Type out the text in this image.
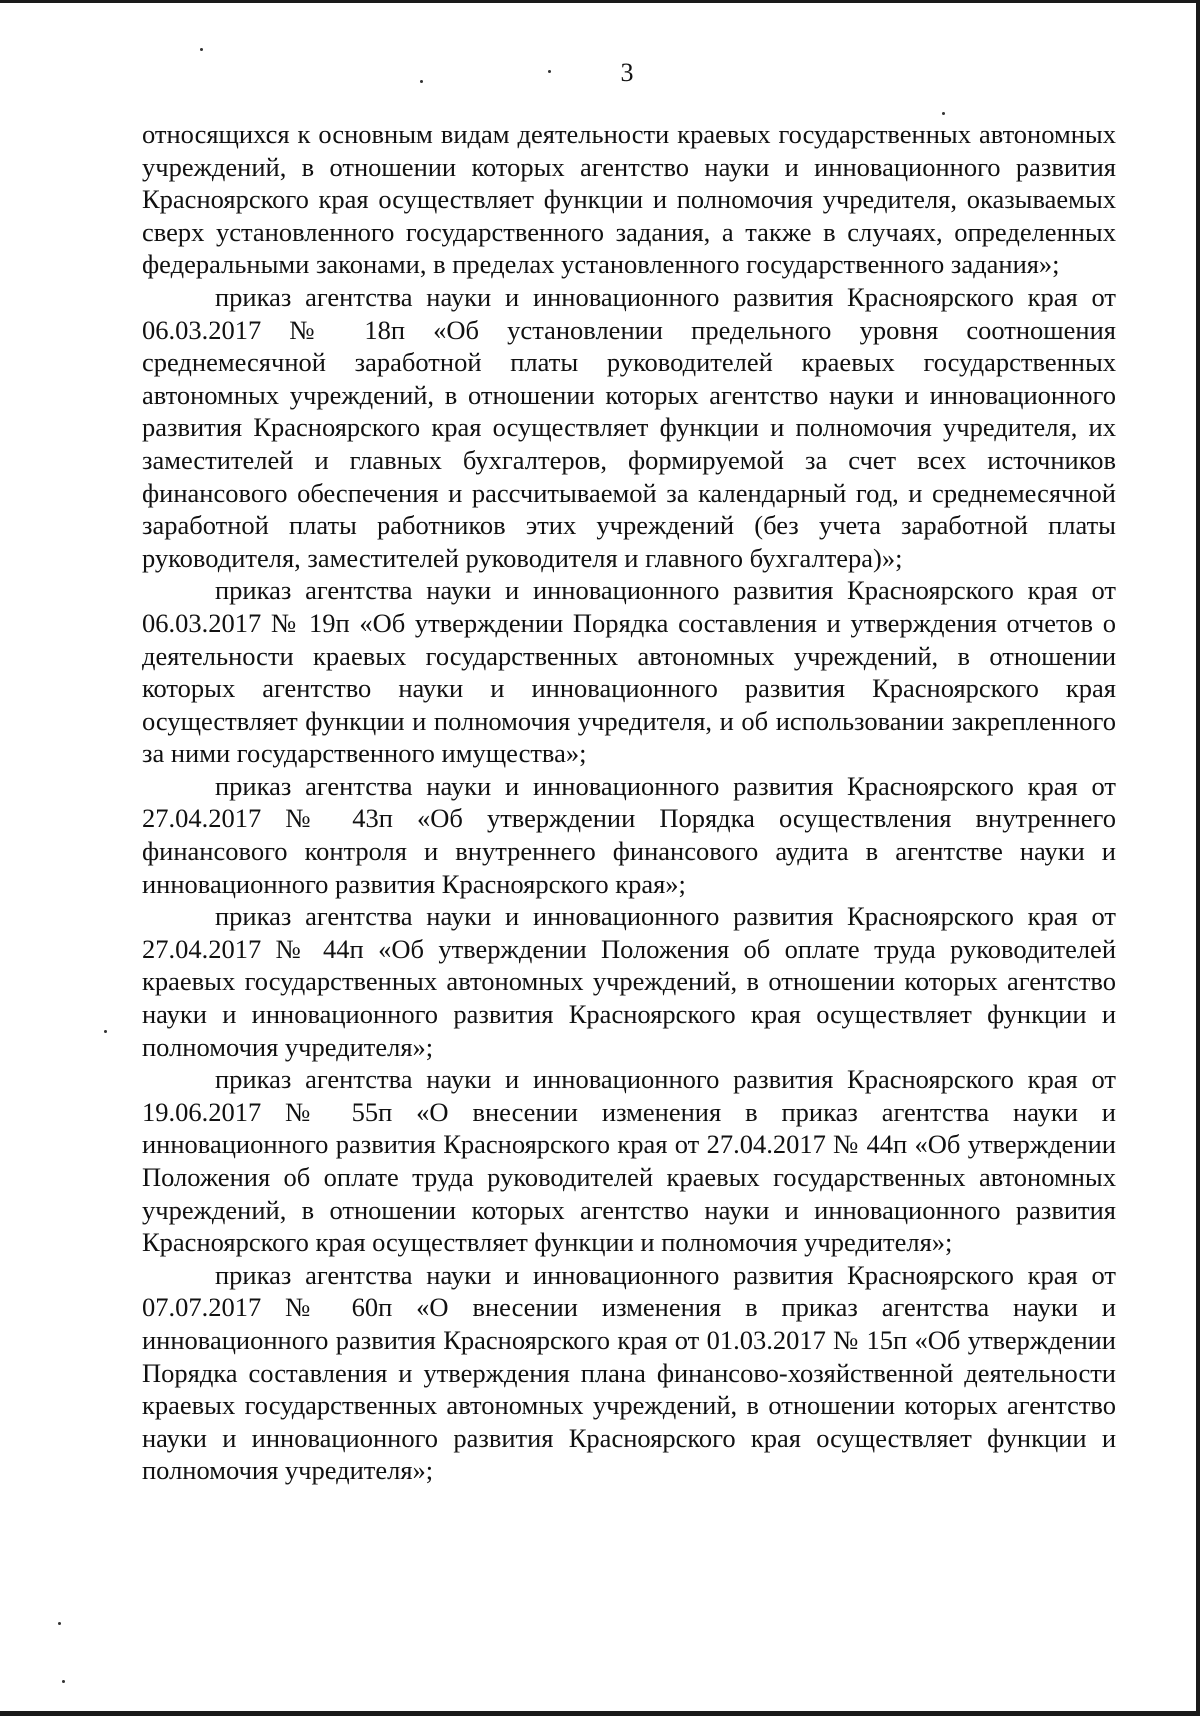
3

относящихся к основным видам деятельности краевых государственных автономных учреждений, в отношении которых агентство науки и инновационного развития Красноярского края осуществляет функции и полномочия учредителя, оказываемых сверх установленного государственного задания, а также в случаях, определенных федеральными законами, в пределах установленного государственного задания»;

приказ агентства науки и инновационного развития Красноярского края от 06.03.2017 № 18п «Об установлении предельного уровня соотношения среднемесячной заработной платы руководителей краевых государственных автономных учреждений, в отношении которых агентство науки и инновационного развития Красноярского края осуществляет функции и полномочия учредителя, их заместителей и главных бухгалтеров, формируемой за счет всех источников финансового обеспечения и рассчитываемой за календарный год, и среднемесячной заработной платы работников этих учреждений (без учета заработной платы руководителя, заместителей руководителя и главного бухгалтера)»;

приказ агентства науки и инновационного развития Красноярского края от 06.03.2017 № 19п «Об утверждении Порядка составления и утверждения отчетов о деятельности краевых государственных автономных учреждений, в отношении которых агентство науки и инновационного развития Красноярского края осуществляет функции и полномочия учредителя, и об использовании закрепленного за ними государственного имущества»;

приказ агентства науки и инновационного развития Красноярского края от 27.04.2017 № 43п «Об утверждении Порядка осуществления внутреннего финансового контроля и внутреннего финансового аудита в агентстве науки и инновационного развития Красноярского края»;

приказ агентства науки и инновационного развития Красноярского края от 27.04.2017 № 44п «Об утверждении Положения об оплате труда руководителей краевых государственных автономных учреждений, в отношении которых агентство науки и инновационного развития Красноярского края осуществляет функции и полномочия учредителя»;

приказ агентства науки и инновационного развития Красноярского края от 19.06.2017 № 55п «О внесении изменения в приказ агентства науки и инновационного развития Красноярского края от 27.04.2017 № 44п «Об утверждении Положения об оплате труда руководителей краевых государственных автономных учреждений, в отношении которых агентство науки и инновационного развития Красноярского края осуществляет функции и полномочия учредителя»;

приказ агентства науки и инновационного развития Красноярского края от 07.07.2017 № 60п «О внесении изменения в приказ агентства науки и инновационного развития Красноярского края от 01.03.2017 № 15п «Об утверждении Порядка составления и утверждения плана финансово-хозяйственной деятельности краевых государственных автономных учреждений, в отношении которых агентство науки и инновационного развития Красноярского края осуществляет функции и полномочия учредителя»;
